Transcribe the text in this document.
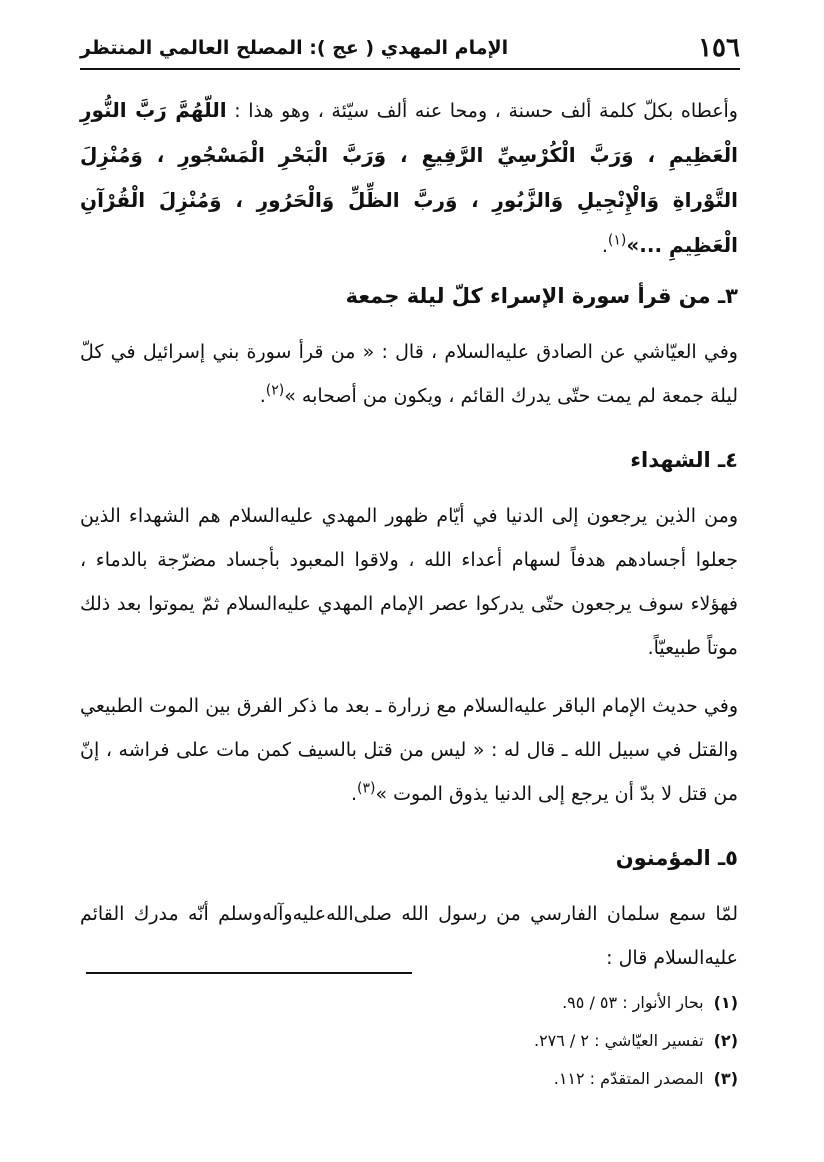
١٥٦
الإمام المهدي ( عج ): المصلح العالمي المنتظر

وأعطاه بكلّ كلمة ألف حسنة ، ومحا عنه ألف سيّئة ، وهو هذا : اللّهُمَّ رَبَّ النُّورِ الْعَظِيمِ ، وَرَبَّ الْكُرْسِيِّ الرَّفِيعِ ، وَرَبَّ الْبَحْرِ الْمَسْجُورِ ، وَمُنْزِلَ التَّوْراةِ وَالْإِنْجِيلِ وَالزَّبُورِ ، وَربَّ الظِّلِّ وَالْحَرُورِ ، وَمُنْزِلَ الْقُرْآنِ الْعَظِيمِ ...»$^{(١)}$.

٣ـ من قرأ سورة الإسراء كلّ ليلة جمعة

وفي العيّاشي عن الصادق عليه‌السلام ، قال : « من قرأ سورة بني إسرائيل في كلّ ليلة جمعة لم يمت حتّى يدرك القائم ، ويكون من أصحابه »$^{(٢)}$.

٤ـ الشهداء

ومن الذين يرجعون إلى الدنيا في أيّام ظهور المهدي عليه‌السلام هم الشهداء الذين جعلوا أجسادهم هدفاً لسهام أعداء الله ، ولاقوا المعبود بأجساد مضرّجة بالدماء ، فهؤلاء سوف يرجعون حتّى يدركوا عصر الإمام المهدي عليه‌السلام ثمّ يموتوا بعد ذلك موتاً طبيعيّاً.

وفي حديث الإمام الباقر عليه‌السلام مع زرارة ـ بعد ما ذكر الفرق بين الموت الطبيعي والقتل في سبيل الله ـ قال له : « ليس من قتل بالسيف كمن مات على فراشه ، إنّ من قتل لا بدّ أن يرجع إلى الدنيا يذوق الموت »$^{(٣)}$.

٥ـ المؤمنون

لمّا سمع سلمان الفارسي من رسول الله صلى‌الله‌عليه‌وآله‌وسلم أنّه مدرك القائم عليه‌السلام قال :

(١)
بحار الأنوار : ٥٣ / ٩٥.
(٢)
تفسير العيّاشي : ٢ / ٢٧٦.
(٣)
المصدر المتقدّم : ١١٢.
